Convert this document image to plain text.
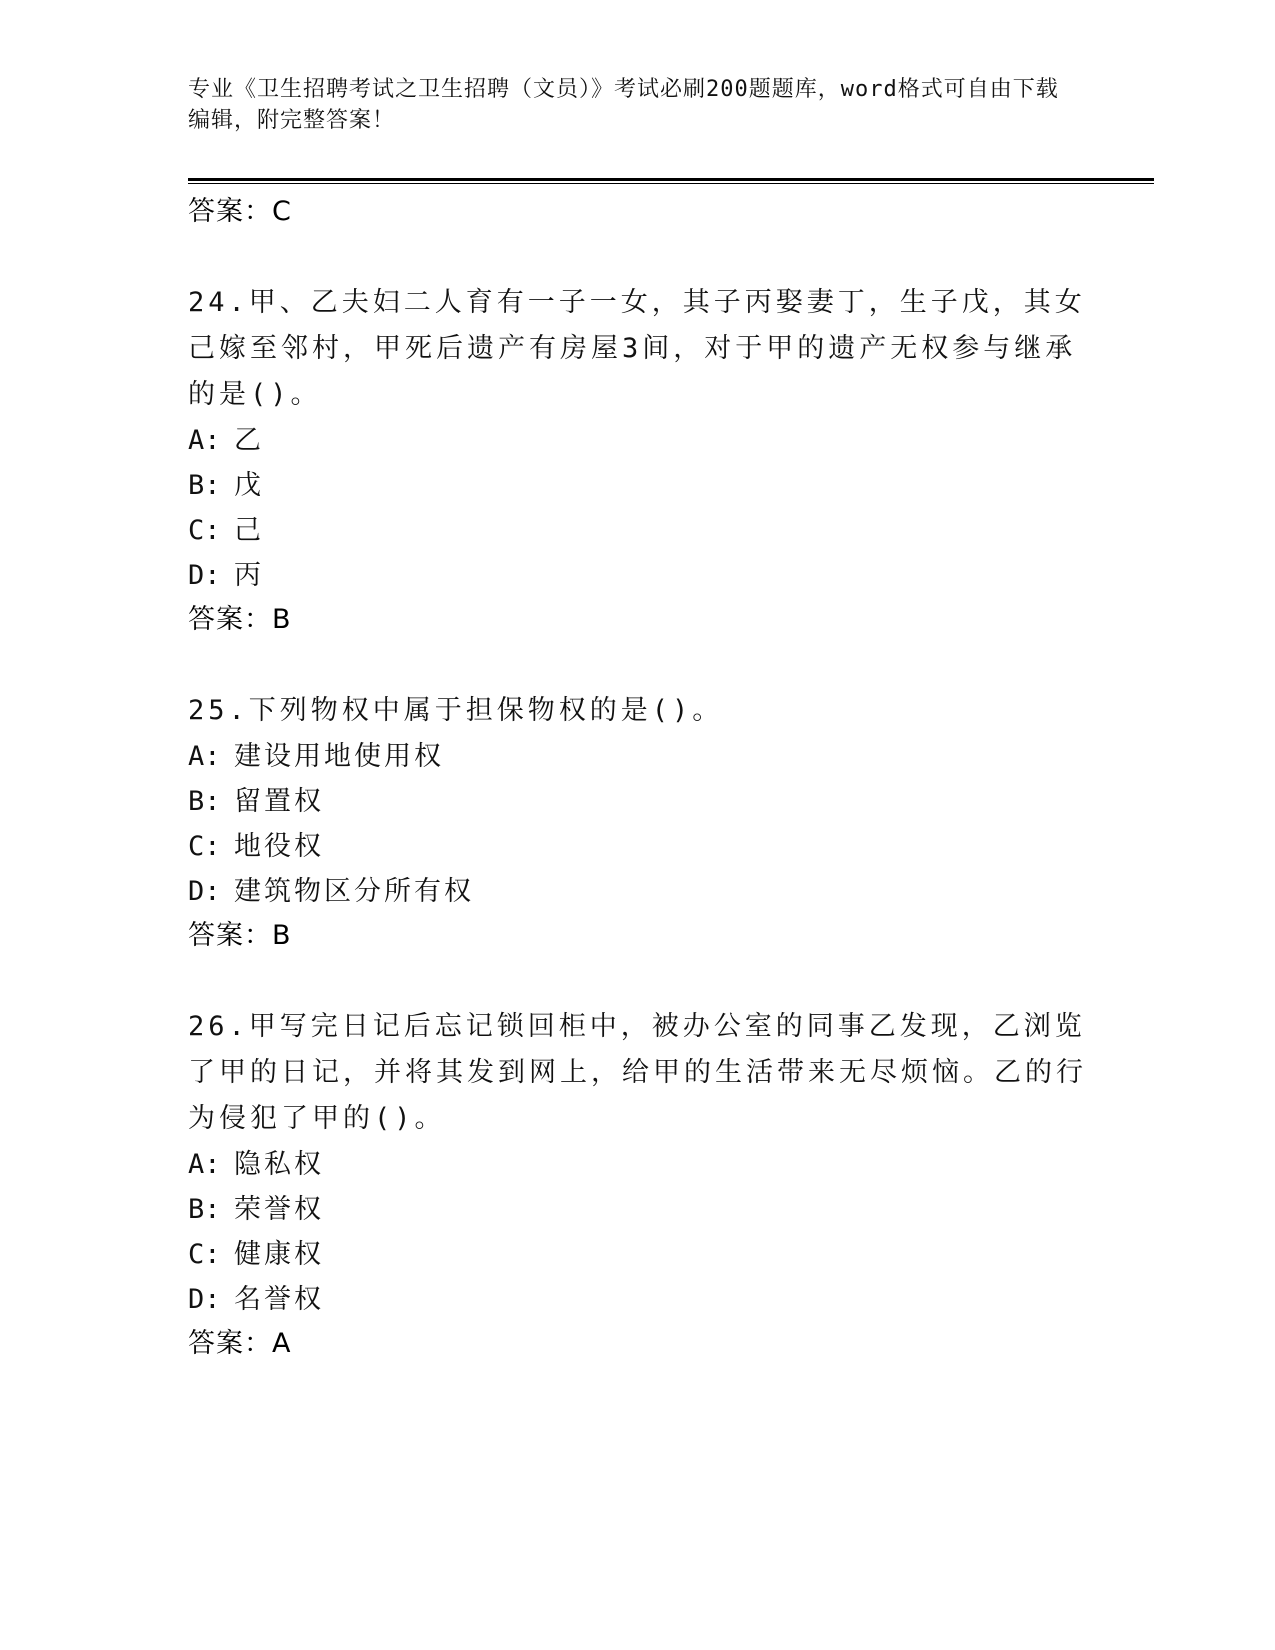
专业《卫生招聘考试之卫生招聘（文员）》考试必刷200题题库，word格式可自由下载编辑，附完整答案！
答案：C
24.甲、乙夫妇二人育有一子一女，其子丙娶妻丁，生子戊，其女己嫁至邻村，甲死后遗产有房屋3间，对于甲的遗产无权参与继承的是()。
A: 乙
B: 戊
C: 己
D: 丙
答案：B
25.下列物权中属于担保物权的是()。
A: 建设用地使用权
B: 留置权
C: 地役权
D: 建筑物区分所有权
答案：B
26.甲写完日记后忘记锁回柜中，被办公室的同事乙发现，乙浏览了甲的日记，并将其发到网上，给甲的生活带来无尽烦恼。乙的行为侵犯了甲的()。
A: 隐私权
B: 荣誉权
C: 健康权
D: 名誉权
答案：A
